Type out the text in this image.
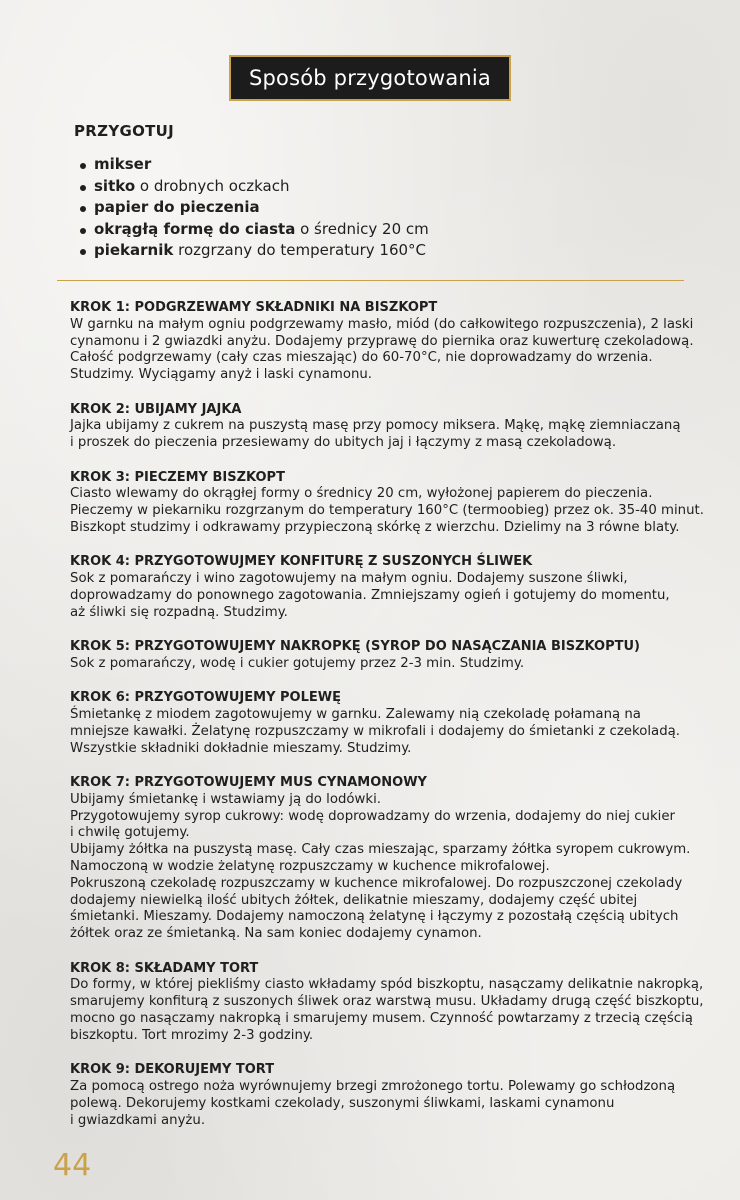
Sposób przygotowania
PRZYGOTUJ
mikser
sitko o drobnych oczkach
papier do pieczenia
okrągłą formę do ciasta o średnicy 20 cm
piekarnik rozgrzany do temperatury 160°C

KROK 1: PODGRZEWAMY SKŁADNIKI NA BISZKOPT

W garnku na małym ogniu podgrzewamy masło, miód (do całkowitego rozpuszczenia), 2 laski

cynamonu i 2 gwiazdki anyżu. Dodajemy przyprawę do piernika oraz kuwerturę czekoladową.

Całość podgrzewamy (cały czas mieszając) do 60-70°C, nie doprowadzamy do wrzenia.

Studzimy. Wyciągamy anyż i laski cynamonu.

KROK 2: UBIJAMY JAJKA

Jajka ubijamy z cukrem na puszystą masę przy pomocy miksera. Mąkę, mąkę ziemniaczaną

i proszek do pieczenia przesiewamy do ubitych jaj i łączymy z masą czekoladową.

KROK 3: PIECZEMY BISZKOPT

Ciasto wlewamy do okrągłej formy o średnicy 20 cm, wyłożonej papierem do pieczenia.

Pieczemy w piekarniku rozgrzanym do temperatury 160°C (termoobieg) przez ok. 35-40 minut.

Biszkopt studzimy i odkrawamy przypieczoną skórkę z wierzchu. Dzielimy na 3 równe blaty.

KROK 4: PRZYGOTOWUJMEY KONFITURĘ Z SUSZONYCH ŚLIWEK

Sok z pomarańczy i wino zagotowujemy na małym ogniu. Dodajemy suszone śliwki,

doprowadzamy do ponownego zagotowania. Zmniejszamy ogień i gotujemy do momentu,

aż śliwki się rozpadną. Studzimy.

KROK 5: PRZYGOTOWUJEMY NAKROPKĘ (SYROP DO NASĄCZANIA BISZKOPTU)

Sok z pomarańczy, wodę i cukier gotujemy przez 2-3 min. Studzimy.

KROK 6: PRZYGOTOWUJEMY POLEWĘ

Śmietankę z miodem zagotowujemy w garnku. Zalewamy nią czekoladę połamaną na

mniejsze kawałki. Żelatynę rozpuszczamy w mikrofali i dodajemy do śmietanki z czekoladą.

Wszystkie składniki dokładnie mieszamy. Studzimy.

KROK 7: PRZYGOTOWUJEMY MUS CYNAMONOWY

Ubijamy śmietankę i wstawiamy ją do lodówki.

Przygotowujemy syrop cukrowy: wodę doprowadzamy do wrzenia, dodajemy do niej cukier

i chwilę gotujemy.

Ubijamy żółtka na puszystą masę. Cały czas mieszając, sparzamy żółtka syropem cukrowym.

Namoczoną w wodzie żelatynę rozpuszczamy w kuchence mikrofalowej.

Pokruszoną czekoladę rozpuszczamy w kuchence mikrofalowej. Do rozpuszczonej czekolady

dodajemy niewielką ilość ubitych żółtek, delikatnie mieszamy, dodajemy część ubitej

śmietanki. Mieszamy. Dodajemy namoczoną żelatynę i łączymy z pozostałą częścią ubitych

żółtek oraz ze śmietanką. Na sam koniec dodajemy cynamon.

KROK 8: SKŁADAMY TORT

Do formy, w której piekliśmy ciasto wkładamy spód biszkoptu, nasączamy delikatnie nakropką,

smarujemy konfiturą z suszonych śliwek oraz warstwą musu. Układamy drugą część biszkoptu,

mocno go nasączamy nakropką i smarujemy musem. Czynność powtarzamy z trzecią częścią

biszkoptu. Tort mrozimy 2-3 godziny.

KROK 9: DEKORUJEMY TORT

Za pomocą ostrego noża wyrównujemy brzegi zmrożonego tortu. Polewamy go schłodzoną

polewą. Dekorujemy kostkami czekolady, suszonymi śliwkami, laskami cynamonu

i gwiazdkami anyżu.

44
